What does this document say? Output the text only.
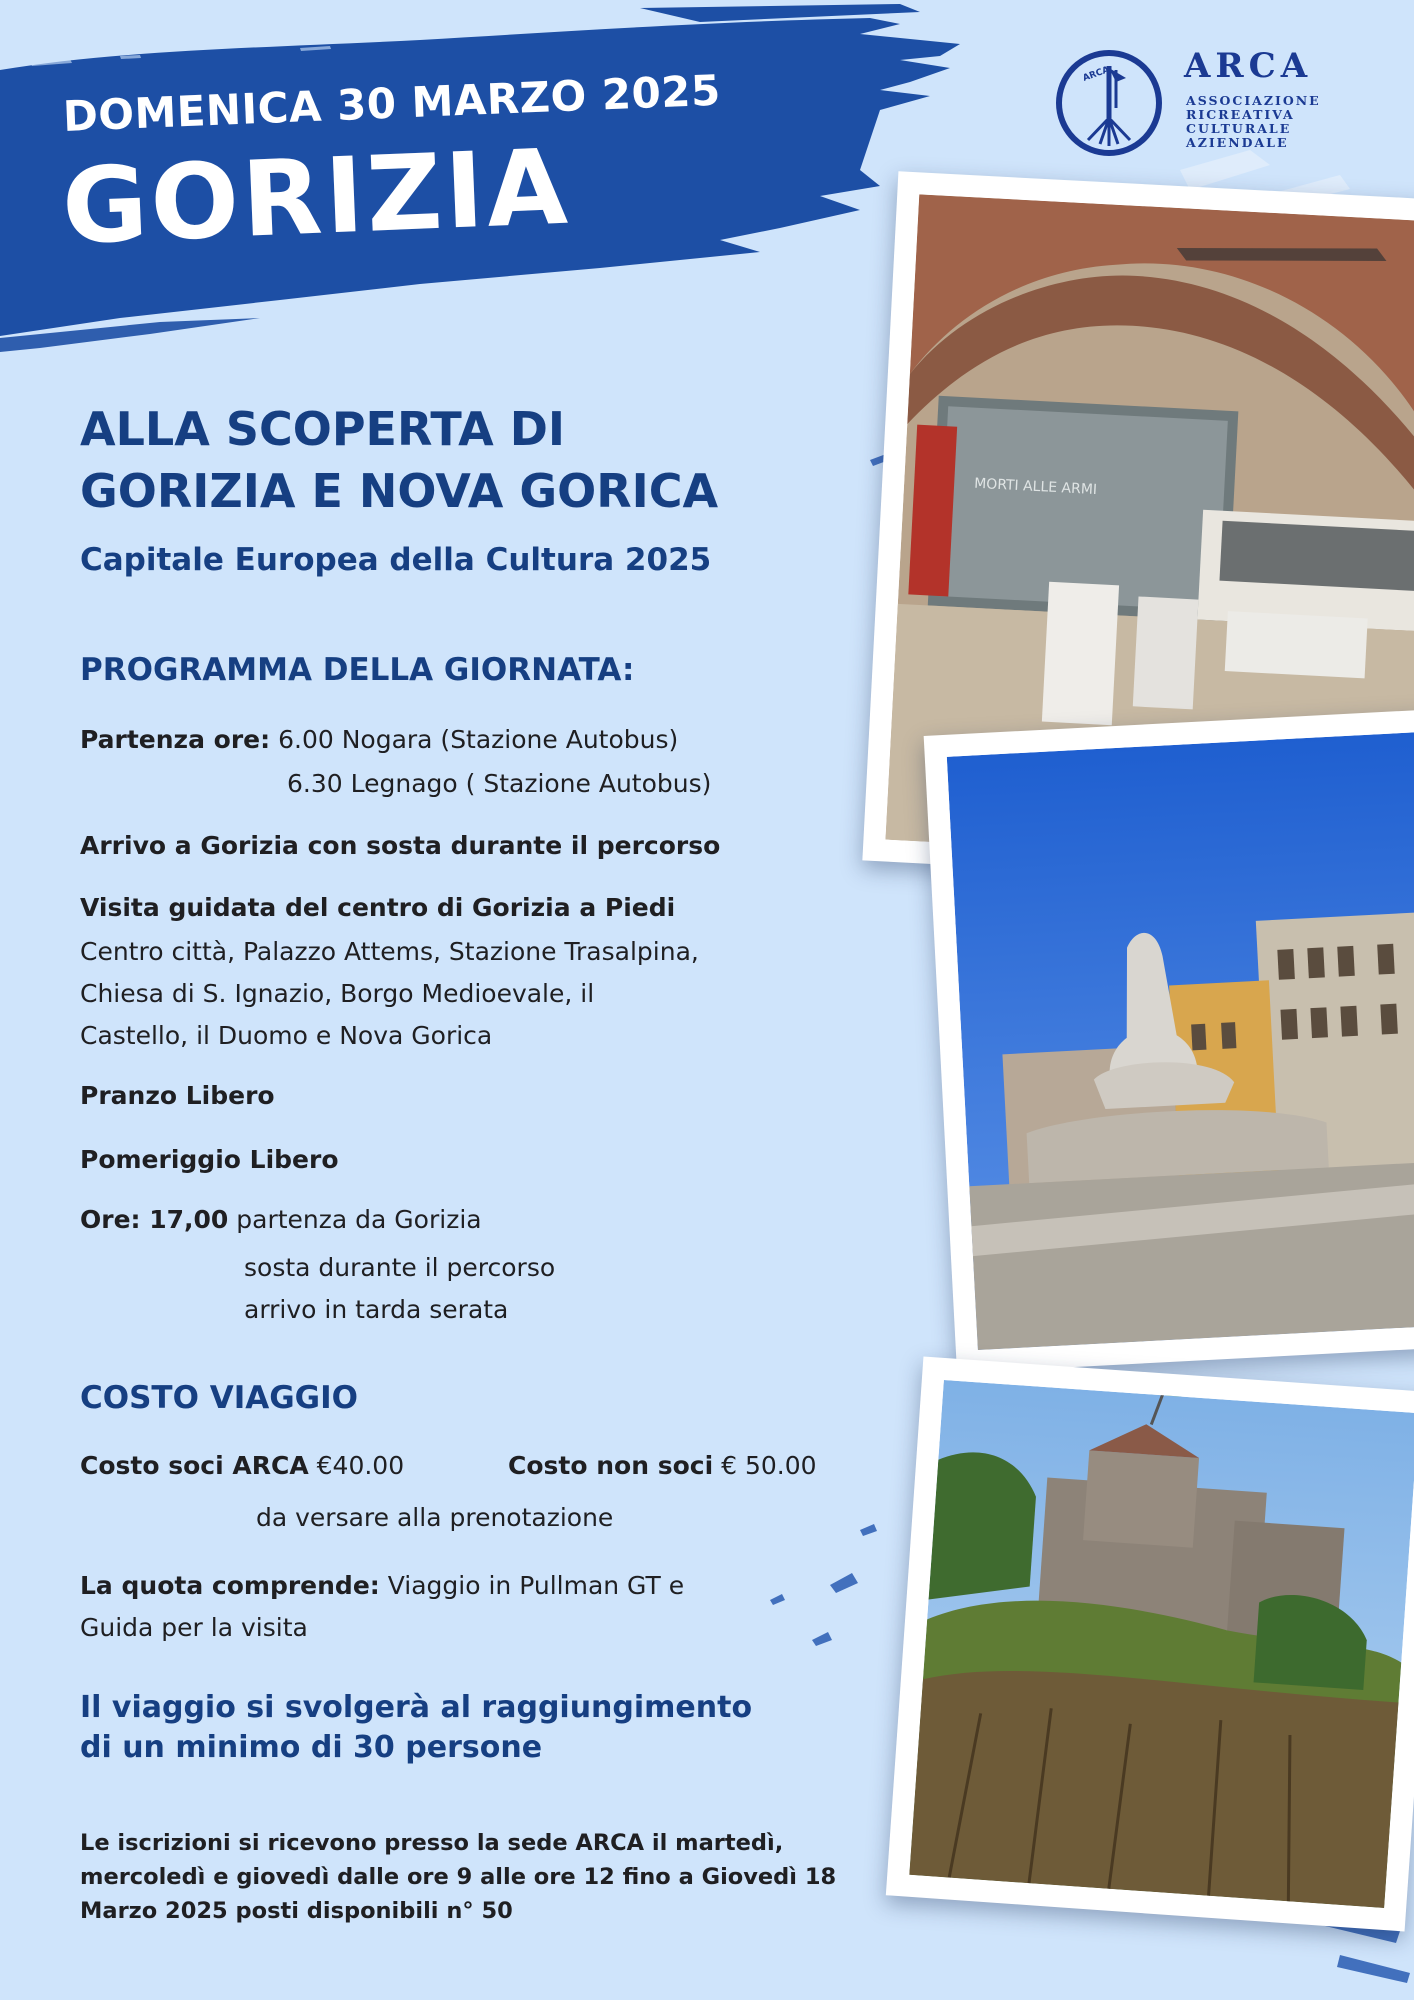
DOMENICA 30 MARZO 2025
GORIZIA
ARCA ARCA
ASSOCIAZIONE
RICREATIVA
CULTURALE
AZIENDALE
ALLA SCOPERTA DI
GORIZIA E NOVA GORICA
Capitale Europea della Cultura 2025
PROGRAMMA DELLA GIORNATA:
Partenza ore: 6.00 Nogara (Stazione Autobus)
6.30 Legnago ( Stazione Autobus)
Arrivo a Gorizia con sosta durante il percorso
Visita guidata del centro di Gorizia a Piedi
Centro città, Palazzo Attems, Stazione Trasalpina,
Chiesa di S. Ignazio, Borgo Medioevale, il
Castello, il Duomo e Nova Gorica
Pranzo Libero
Pomeriggio Libero
Ore: 17,00 partenza da Gorizia
sosta durante il percorso
arrivo in tarda serata
COSTO VIAGGIO
Costo soci ARCA €40.00	Costo non soci € 50.00
da versare alla prenotazione
La quota comprende: Viaggio in Pullman GT e
Guida per la visita
Il viaggio si svolgerà al raggiungimento
di un minimo di 30 persone
Le iscrizioni si ricevono presso la sede ARCA il martedì,
mercoledì e giovedì dalle ore 9 alle ore 12 fino a Giovedì 18
Marzo 2025 posti disponibili n° 50
MORTI ALLE ARMI
